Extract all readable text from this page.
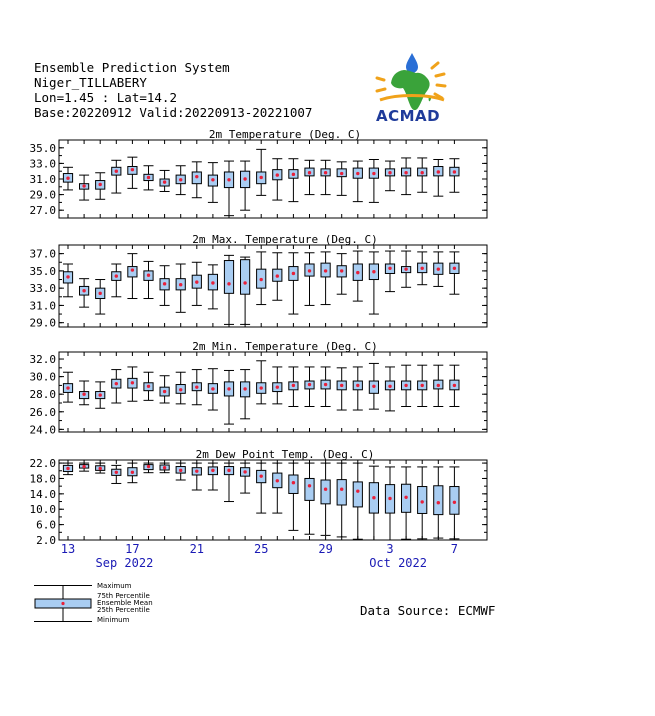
Ensemble Prediction System
Niger_TILLABERY
Lon=1.45 : Lat=14.2
Base:20220912 Valid:20220913-20221007	ACMAD
2m Temperature (Deg. C)
35.0
33.0
31.0
29.0
27.0
2m Max. Temperature (Deg. C)
37.0
35.0
33.0
31.0
29.0
2m Min. Temperature (Deg. C)
32.0
30.0
28.0
26.0
24.0
2m Dew Point Temp. (Deg. C)
22.0
18.0
14.0
10.0
6.0
2.0
13	17	21	25	29	3	7
Sep 2022	Oct 2022
Maximum
75th Percentile
Ensemble Mean
25th Percentile
Minimum
Data Source: ECMWF
